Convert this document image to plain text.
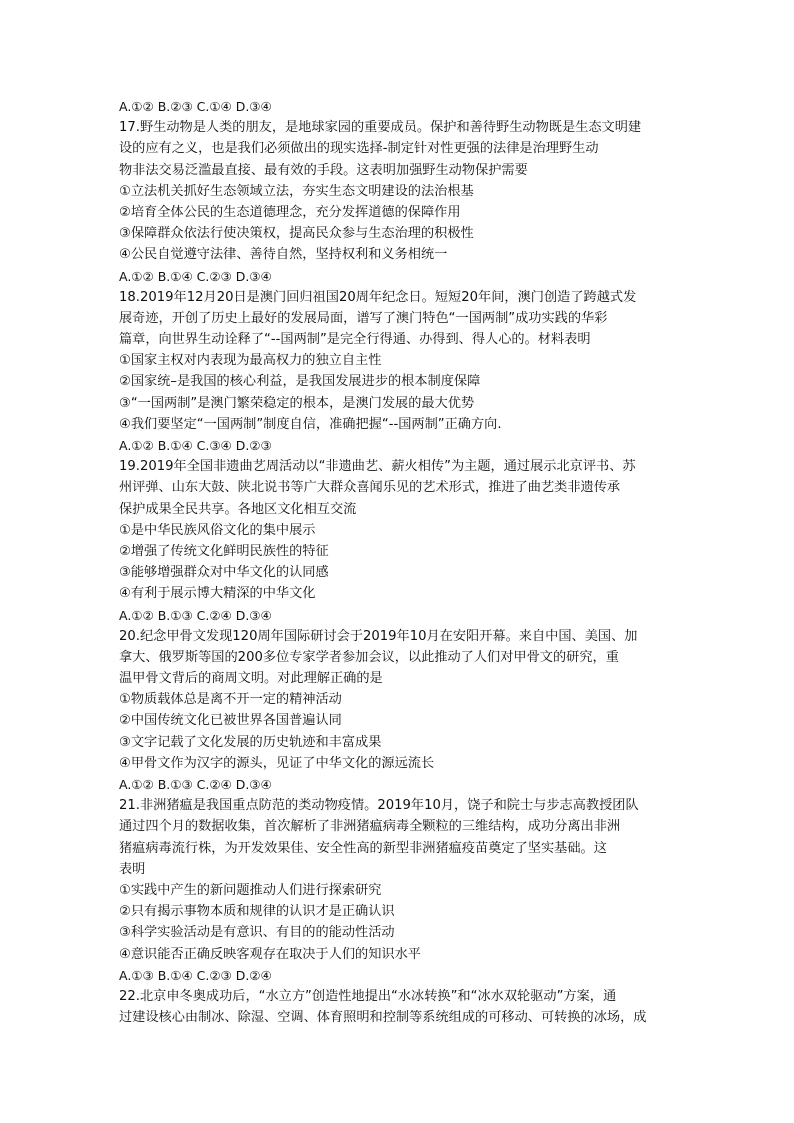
A.①② B.②③ C.①④ D.③④
17.野生动物是人类的朋友，是地球家园的重要成员。保护和善待野生动物既是生态文明建
设的应有之义，也是我们必须做出的现实选择-制定针对性更强的法律是治理野生动
物非法交易泛滥最直接、最有效的手段。这表明加强野生动物保护需要
①立法机关抓好生态领域立法，夯实生态文明建设的法治根基
②培育全体公民的生态道德理念，充分发挥道德的保障作用
③保障群众依法行使决策权，提高民众参与生态治理的积极性
④公民自觉遵守法律、善待自然，坚持权利和义务相统一
A.①② B.①④ C.②③ D.③④
18.2019年12月20日是澳门回归祖国20周年纪念日。短短20年间，澳门创造了跨越式发
展奇迹，开创了历史上最好的发展局面，谱写了澳门特色“一国两制”成功实践的华彩
篇章，向世界生动诠释了“--国两制”是完全行得通、办得到、得人心的。材料表明
①国家主权对内表现为最高权力的独立自主性
②国家统–是我国的核心利益，是我国发展进步的根本制度保障
③“一国两制”是澳门繁荣稳定的根本，是澳门发展的最大优势
④我们要坚定“一国两制”制度自信，准确把握“--国两制”正确方向.
A.①② B.①④ C.③④ D.②③
19.2019年全国非遗曲艺周活动以“非遗曲艺、薪火相传”为主题，通过展示北京评书、苏
州评弹、山东大鼓、陕北说书等广大群众喜闻乐见的艺术形式，推进了曲艺类非遗传承
保护成果全民共享。各地区文化相互交流
①是中华民族风俗文化的集中展示
②增强了传统文化鲜明民族性的特征
③能够增强群众对中华文化的认同感
④有利于展示博大精深的中华文化
A.①② B.①③ C.②④ D.③④
20.纪念甲骨文发现120周年国际研讨会于2019年10月在安阳开幕。来自中国、美国、加
拿大、俄罗斯等国的200多位专家学者参加会议，以此推动了人们对甲骨文的研究，重
温甲骨文背后的商周文明。对此理解正确的是
①物质载体总是离不开一定的精神活动
②中国传统文化已被世界各国普遍认同
③文字记载了文化发展的历史轨迹和丰富成果
④甲骨文作为汉字的源头，见证了中华文化的源远流长
A.①② B.①③ C.②④ D.③④
21.非洲猪瘟是我国重点防范的类动物疫情。2019年10月，饶子和院士与步志高教授团队
通过四个月的数据收集，首次解析了非洲猪瘟病毒全颗粒的三维结构，成功分离出非洲
猪瘟病毒流行株，为开发效果佳、安全性高的新型非洲猪瘟疫苗奠定了坚实基础。这
表明
①实践中产生的新问题推动人们进行探索研究
②只有揭示事物本质和规律的认识才是正确认识
③科学实验活动是有意识、有目的的能动性活动
④意识能否正确反映客观存在取决于人们的知识水平
A.①③ B.①④ C.②③ D.②④
22.北京申冬奥成功后，“水立方”创造性地提出“水冰转换”和“冰水双轮驱动”方案，通
过建设核心由制冰、除湿、空调、体育照明和控制等系统组成的可移动、可转换的冰场，成
